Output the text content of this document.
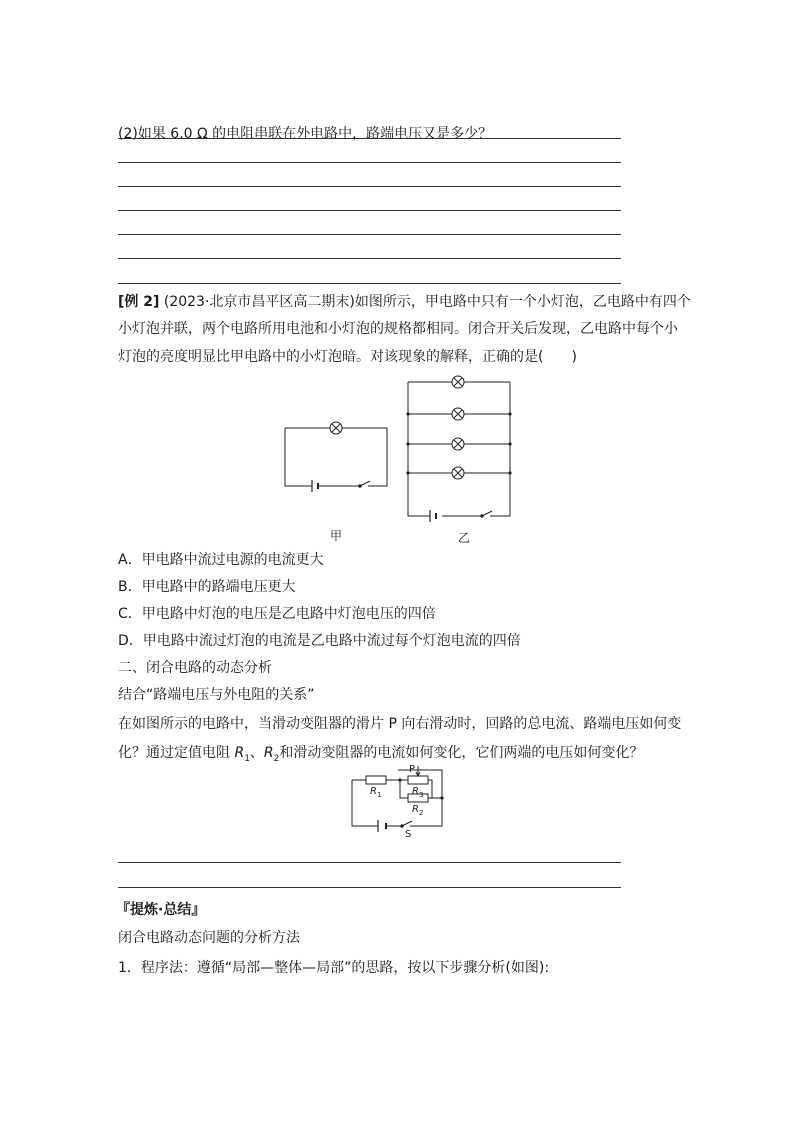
(2)如果 6.0 Ω 的电阻串联在外电路中，路端电压又是多少？
[例 2] (2023·北京市昌平区高二期末)如图所示，甲电路中只有一个小灯泡，乙电路中有四个
小灯泡并联，两个电路所用电池和小灯泡的规格都相同。闭合开关后发现，乙电路中每个小
灯泡的亮度明显比甲电路中的小灯泡暗。对该现象的解释，正确的是(　　)
甲	乙
A．甲电路中流过电源的电流更大
B．甲电路中的路端电压更大
C．甲电路中灯泡的电压是乙电路中灯泡电压的四倍
D．甲电路中流过灯泡的电流是乙电路中流过每个灯泡电流的四倍
二、闭合电路的动态分析
结合“路端电压与外电阻的关系”
在如图所示的电路中，当滑动变阻器的滑片 P 向右滑动时，回路的总电流、路端电压如何变
化？通过定值电阻 $R_1$、$R_2$和滑动变阻器的电流如何变化，它们两端的电压如何变化？
P
$R_1$	$R_3$
$R_2$
S
『提炼·总结』
闭合电路动态问题的分析方法
1．程序法：遵循“局部—整体—局部”的思路，按以下步骤分析(如图):
